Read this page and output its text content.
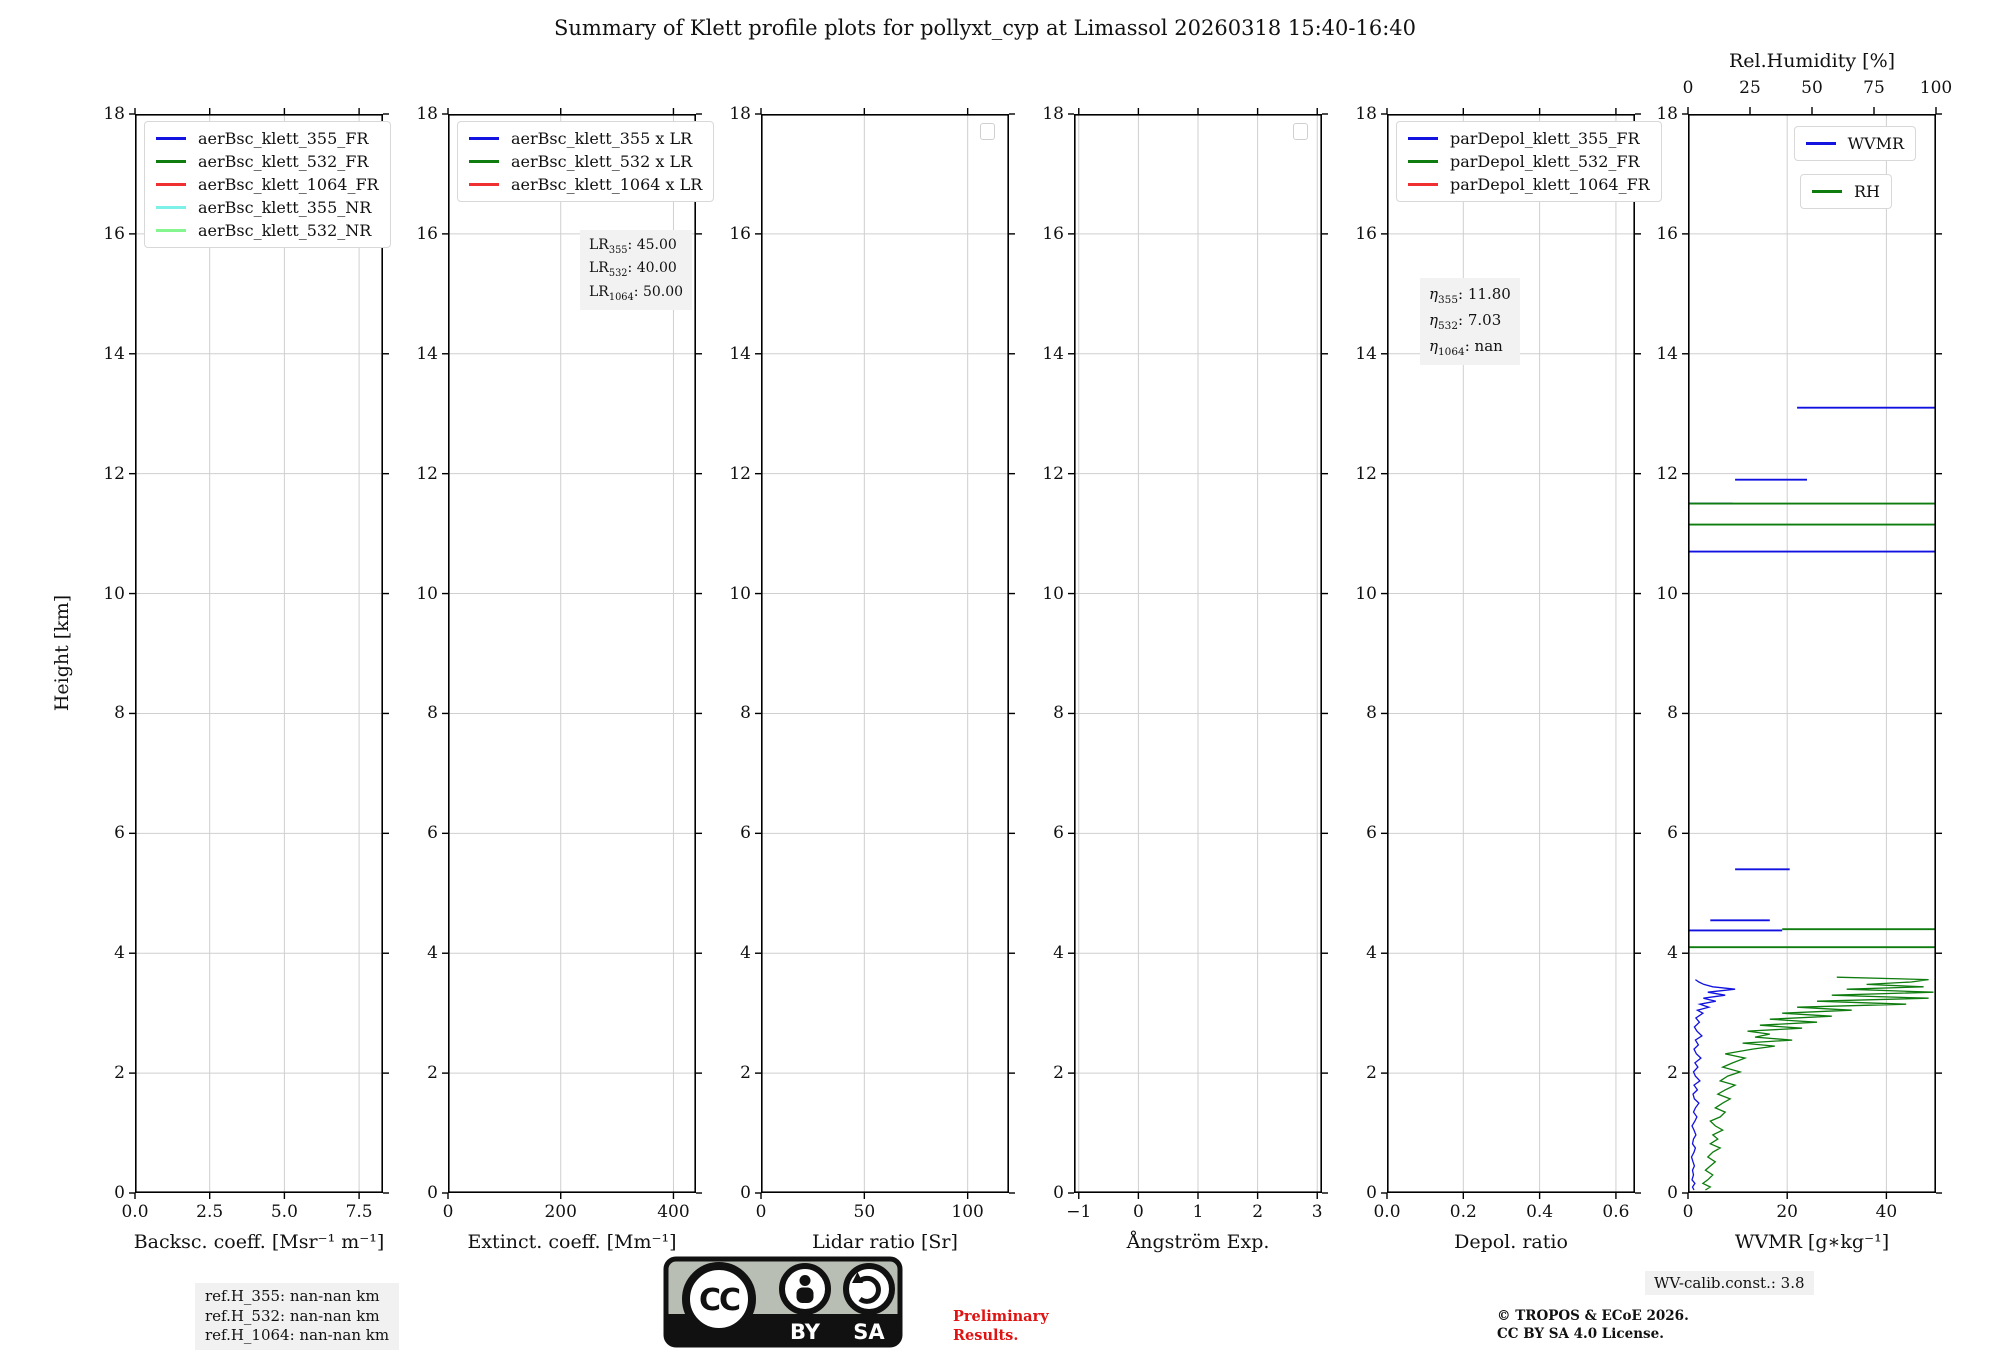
Summary of Klett profile plots for pollyxt_cyp at Limassol 20260318 15:40-16:40
Height [km]
0.0	2.5	5.0	7.5
0
2
4
6
8
10
12
14
16
18
Backsc. coeff. [Msr⁻¹ m⁻¹]
aerBsc_klett_355_FR
aerBsc_klett_532_FR
aerBsc_klett_1064_FR
aerBsc_klett_355_NR
aerBsc_klett_532_NR
0	200	400
0
2
4
6
8
10
12
14
16
18
Extinct. coeff. [Mm⁻¹]
aerBsc_klett_355 x LR
aerBsc_klett_532 x LR
aerBsc_klett_1064 x LR
$LR_{355}$: 45.00
$LR_{532}$: 40.00
$LR_{1064}$: 50.00
0	50	100
0
2
4
6
8
10
12
14
16
18
Lidar ratio [Sr]
−1 0	1	2	3
0
2
4
6
8
10
12
14
16
18
Ångström Exp.
0.0	0.2	0.4	0.6
0
2
4
6
8
10
12
14
16
18
Depol. ratio
parDepol_klett_355_FR
parDepol_klett_532_FR
parDepol_klett_1064_FR
$\eta_{355}$: 11.80
$\eta_{532}$: 7.03
$\eta_{1064}$: nan
0	20	40
0
2
4
6
8
10
12
14
16
18
WVMR [g∗kg⁻¹]
0	25 50 75 100
Rel.Humidity [%]
WVMR
RH
ref.H_355: nan-nan km
ref.H_532: nan-nan km
ref.H_1064: nan-nan km
CC
BY SA
Preliminary
Results.
© TROPOS & ECoE 2026.
CC BY SA 4.0 License.
WV-calib.const.: 3.8
